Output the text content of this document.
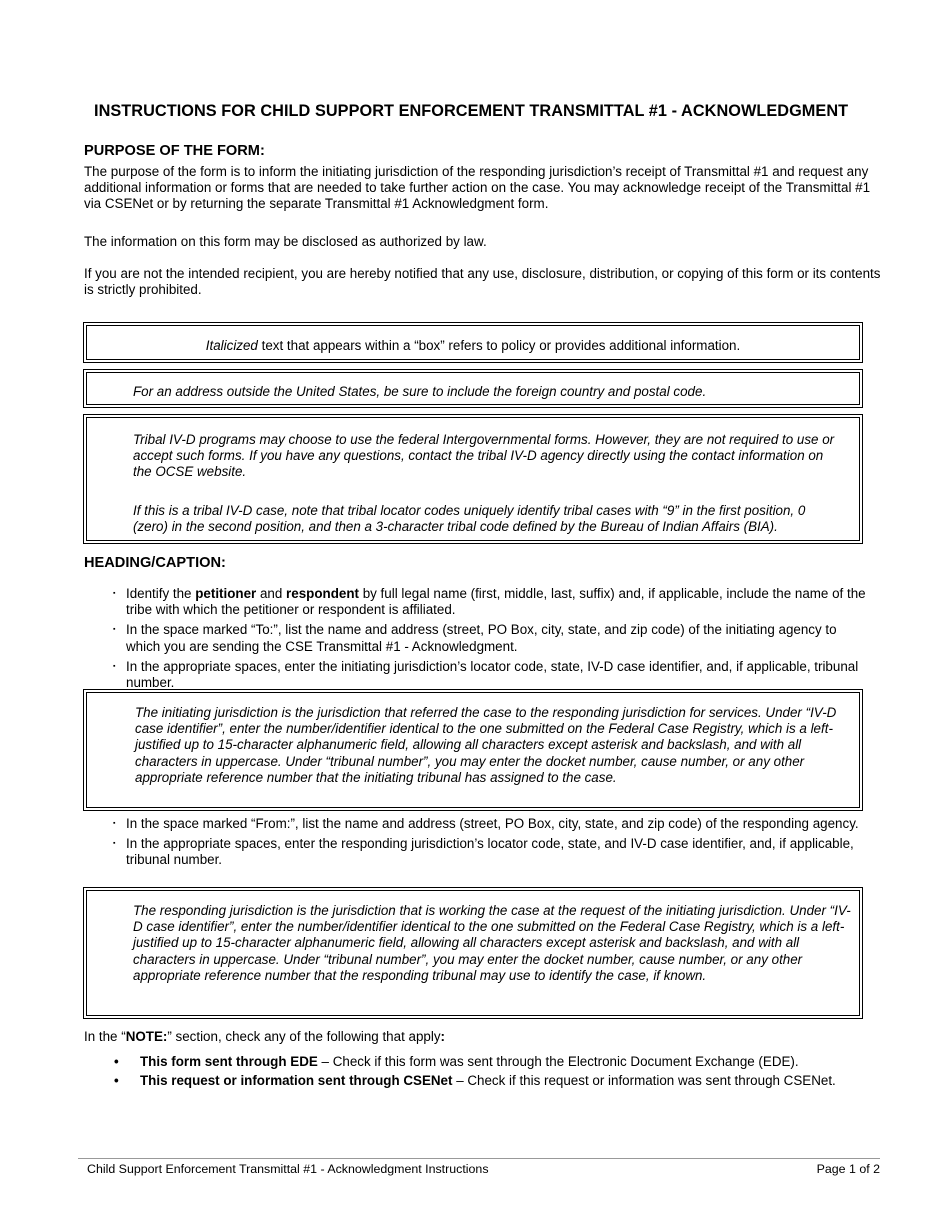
INSTRUCTIONS FOR CHILD SUPPORT ENFORCEMENT TRANSMITTAL #1 - ACKNOWLEDGMENT
PURPOSE OF THE FORM:

The purpose of the form is to inform the initiating jurisdiction of the responding jurisdiction’s receipt of Transmittal #1 and request any additional information or forms that are needed to take further action on the case. You may acknowledge receipt of the Transmittal #1 via CSENet or by returning the separate Transmittal #1 Acknowledgment form.

The information on this form may be disclosed as authorized by law.

If you are not the intended recipient, you are hereby notified that any use, disclosure, distribution, or copying of this form or its contents is strictly prohibited.

Italicized text that appears within a “box” refers to policy or provides additional information.
For an address outside the United States, be sure to include the foreign country and postal code.
Tribal IV-D programs may choose to use the federal Intergovernmental forms. However, they are not required to use or accept such forms. If you have any questions, contact the tribal IV-D agency directly using the contact information on the OCSE website.
If this is a tribal IV-D case, note that tribal locator codes uniquely identify tribal cases with “9” in the first position, 0 (zero) in the second position, and then a 3-character tribal code defined by the Bureau of Indian Affairs (BIA).
HEADING/CAPTION:
▪ Identify the petitioner and respondent by full legal name (first, middle, last, suffix) and, if applicable, include the name of the tribe with which the petitioner or respondent is affiliated.
▪ In the space marked “To:”, list the name and address (street, PO Box, city, state, and zip code) of the initiating agency to which you are sending the CSE Transmittal #1 - Acknowledgment.
▪ In the appropriate spaces, enter the initiating jurisdiction’s locator code, state, IV-D case identifier, and, if applicable, tribunal number.
The initiating jurisdiction is the jurisdiction that referred the case to the responding jurisdiction for services. Under “IV-D case identifier”, enter the number/identifier identical to the one submitted on the Federal Case Registry, which is a left-justified up to 15-character alphanumeric field, allowing all characters except asterisk and backslash, and with all characters in uppercase. Under “tribunal number”, you may enter the docket number, cause number, or any other appropriate reference number that the initiating tribunal has assigned to the case.
▪ In the space marked “From:”, list the name and address (street, PO Box, city, state, and zip code) of the responding agency.
▪ In the appropriate spaces, enter the responding jurisdiction’s locator code, state, and IV-D case identifier, and, if applicable, tribunal number.
The responding jurisdiction is the jurisdiction that is working the case at the request of the initiating jurisdiction. Under “IV-D case identifier”, enter the number/identifier identical to the one submitted on the Federal Case Registry, which is a left-justified up to 15-character alphanumeric field, allowing all characters except asterisk and backslash, and with all characters in uppercase. Under “tribunal number”, you may enter the docket number, cause number, or any other appropriate reference number that the responding tribunal may use to identify the case, if known.

In the “NOTE:” section, check any of the following that apply:

• This form sent through EDE – Check if this form was sent through the Electronic Document Exchange (EDE).
• This request or information sent through CSENet – Check if this request or information was sent through CSENet.
Child Support Enforcement Transmittal #1 - Acknowledgment Instructions	Page 1 of 2
